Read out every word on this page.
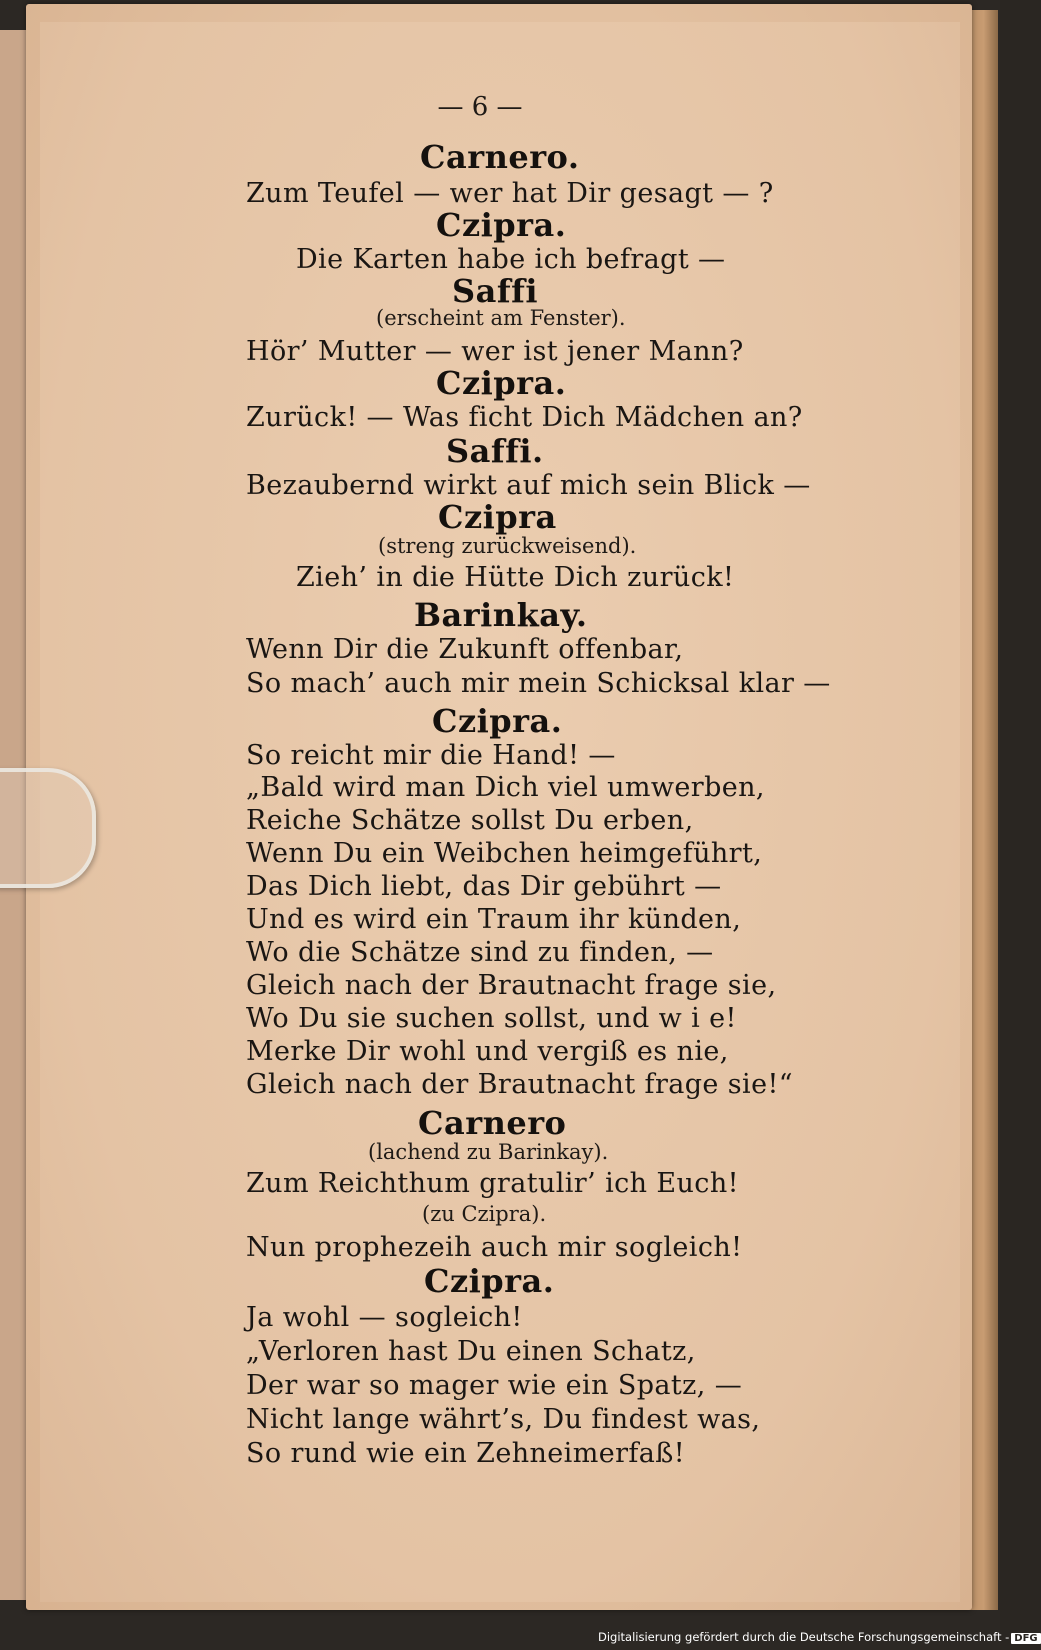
— 6 —
Carnero.
Zum Teufel — wer hat Dir gesagt — ?
Czipra.
Die Karten habe ich befragt —
Saffi
(erscheint am Fenster).
Hör’ Mutter — wer ist jener Mann?
Czipra.
Zurück! — Was ficht Dich Mädchen an?
Saffi.
Bezaubernd wirkt auf mich sein Blick —
Czipra
(streng zurückweisend).
Zieh’ in die Hütte Dich zurück!
Barinkay.
Wenn Dir die Zukunft offenbar,
So mach’ auch mir mein Schicksal klar —
Czipra.
So reicht mir die Hand! —
„Bald wird man Dich viel umwerben,
Reiche Schätze sollst Du erben,
Wenn Du ein Weibchen heimgeführt,
Das Dich liebt, das Dir gebührt —
Und es wird ein Traum ihr künden,
Wo die Schätze sind zu finden, —
Gleich nach der Brautnacht frage sie,
Wo Du sie suchen sollst, und w i e!
Merke Dir wohl und vergiß es nie,
Gleich nach der Brautnacht frage sie!“
Carnero
(lachend zu Barinkay).
Zum Reichthum gratulir’ ich Euch!
(zu Czipra).
Nun prophezeih auch mir sogleich!
Czipra.
Ja wohl — sogleich!
„Verloren hast Du einen Schatz,
Der war so mager wie ein Spatz, —
Nicht lange währt’s, Du findest was,
So rund wie ein Zehneimerfaß!
Digitalisierung gefördert durch die Deutsche Forschungsgemeinschaft - DFG
